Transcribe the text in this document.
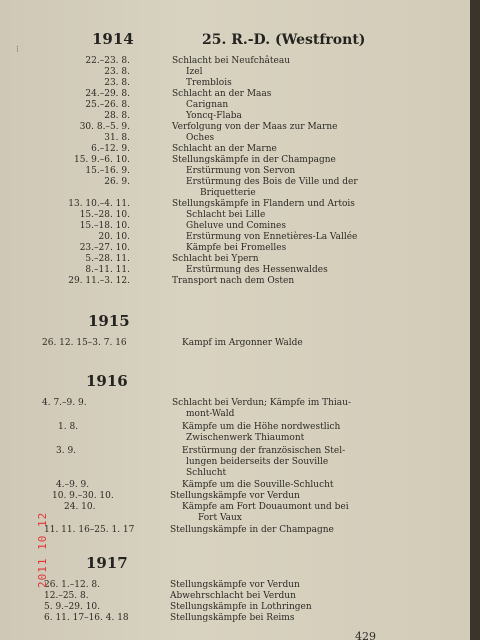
⁝
1914	25. R.-D. (Westfront)
22.–23. 8.	Schlacht bei Neufchâteau
23. 8.	Izel
23. 8.	Tremblois
24.–29. 8.	Schlacht an der Maas
25.–26. 8.	Carignan
28. 8.	Yoncq-Flaba
30. 8.–5. 9.	Verfolgung von der Maas zur Marne
31. 8.	Oches
6.–12. 9.	Schlacht an der Marne
15. 9.–6. 10.	Stellungskämpfe in der Champagne
15.–16. 9.	Erstürmung von Servon
26. 9.	Erstürmung des Bois de Ville und der
Briquetterie
13. 10.–4. 11.	Stellungskämpfe in Flandern und Artois
15.–28. 10.	Schlacht bei Lille
15.–18. 10.	Gheluve und Comines
20. 10.	Erstürmung von Ennetières-La Vallée
23.–27. 10.	Kämpfe bei Fromelles
5.–28. 11.	Schlacht bei Ypern
8.–11. 11.	Erstürmung des Hessenwaldes
29. 11.–3. 12.	Transport nach dem Osten
1915
26. 12. 15–3. 7. 16	Kampf im Argonner Walde
1916
4. 7.–9. 9.	Schlacht bei Verdun; Kämpfe im Thiau-
mont-Wald
1. 8.	Kämpfe um die Höhe nordwestlich
Zwischenwerk Thiaumont
3. 9.	Erstürmung der französischen Stel-
lungen beiderseits der Souville
Schlucht
4.–9. 9.	Kämpfe um die Souville-Schlucht
10. 9.–30. 10.	Stellungskämpfe vor Verdun
24. 10.	Kämpfe am Fort Douaumont und bei
Fort Vaux
11. 11. 16–25. 1. 17	Stellungskämpfe in der Champagne
1917
26. 1.–12. 8.	Stellungskämpfe vor Verdun
12.–25. 8.	Abwehrschlacht bei Verdun
5. 9.–29. 10.	Stellungskämpfe in Lothringen
6. 11. 17–16. 4. 18	Stellungskämpfe bei Reims
2011 10 12
429
